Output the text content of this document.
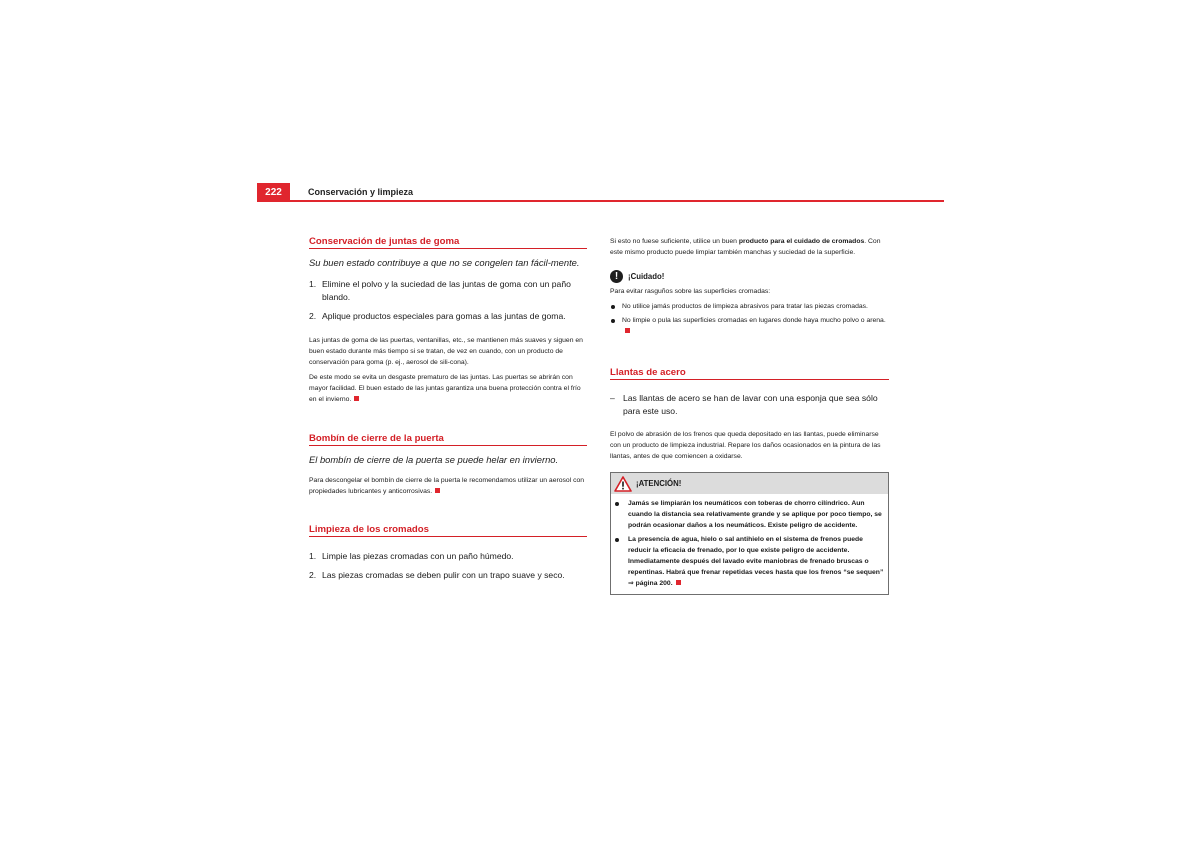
222	Conservación y limpieza
Conservación de juntas de goma

Su buen estado contribuye a que no se congelen tan fácil-mente.

1. Elimine el polvo y la suciedad de las juntas de goma con un paño blando.
2. Aplique productos especiales para gomas a las juntas de goma.

Las juntas de goma de las puertas, ventanillas, etc., se mantienen más suaves y siguen en buen estado durante más tiempo si se tratan, de vez en cuando, con un producto de conservación para goma (p. ej., aerosol de sili-cona).

De este modo se evita un desgaste prematuro de las juntas. Las puertas se abrirán con mayor facilidad. El buen estado de las juntas garantiza una buena protección contra el frío en el invierno.

Bombín de cierre de la puerta

El bombín de cierre de la puerta se puede helar en invierno.

Para descongelar el bombín de cierre de la puerta le recomendamos utilizar un aerosol con propiedades lubricantes y anticorrosivas.

Limpieza de los cromados
1. Limpie las piezas cromadas con un paño húmedo.
2. Las piezas cromadas se deben pulir con un trapo suave y seco.

Si esto no fuese suficiente, utilice un buen producto para el cuidado de cromados. Con este mismo producto puede limpiar también manchas y suciedad de la superficie.

!	¡Cuidado!

Para evitar rasguños sobre las superficies cromadas:

No utilice jamás productos de limpieza abrasivos para tratar las piezas cromadas.

No limpie o pula las superficies cromadas en lugares donde haya mucho polvo o arena.

Llantas de acero

– Las llantas de acero se han de lavar con una esponja que sea sólo para este uso.

El polvo de abrasión de los frenos que queda depositado en las llantas, puede eliminarse con un producto de limpieza industrial. Repare los daños ocasionados en la pintura de las llantas, antes de que comiencen a oxidarse.

¡ATENCIÓN!

Jamás se limpiarán los neumáticos con toberas de chorro cilíndrico. Aun cuando la distancia sea relativamente grande y se aplique por poco tiempo, se podrán ocasionar daños a los neumáticos. Existe peligro de accidente.

La presencia de agua, hielo o sal antihielo en el sistema de frenos puede reducir la eficacia de frenado, por lo que existe peligro de accidente. Inmediatamente después del lavado evite maniobras de frenado bruscas o repentinas. Habrá que frenar repetidas veces hasta que los frenos “se sequen” ⇒ página 200.
